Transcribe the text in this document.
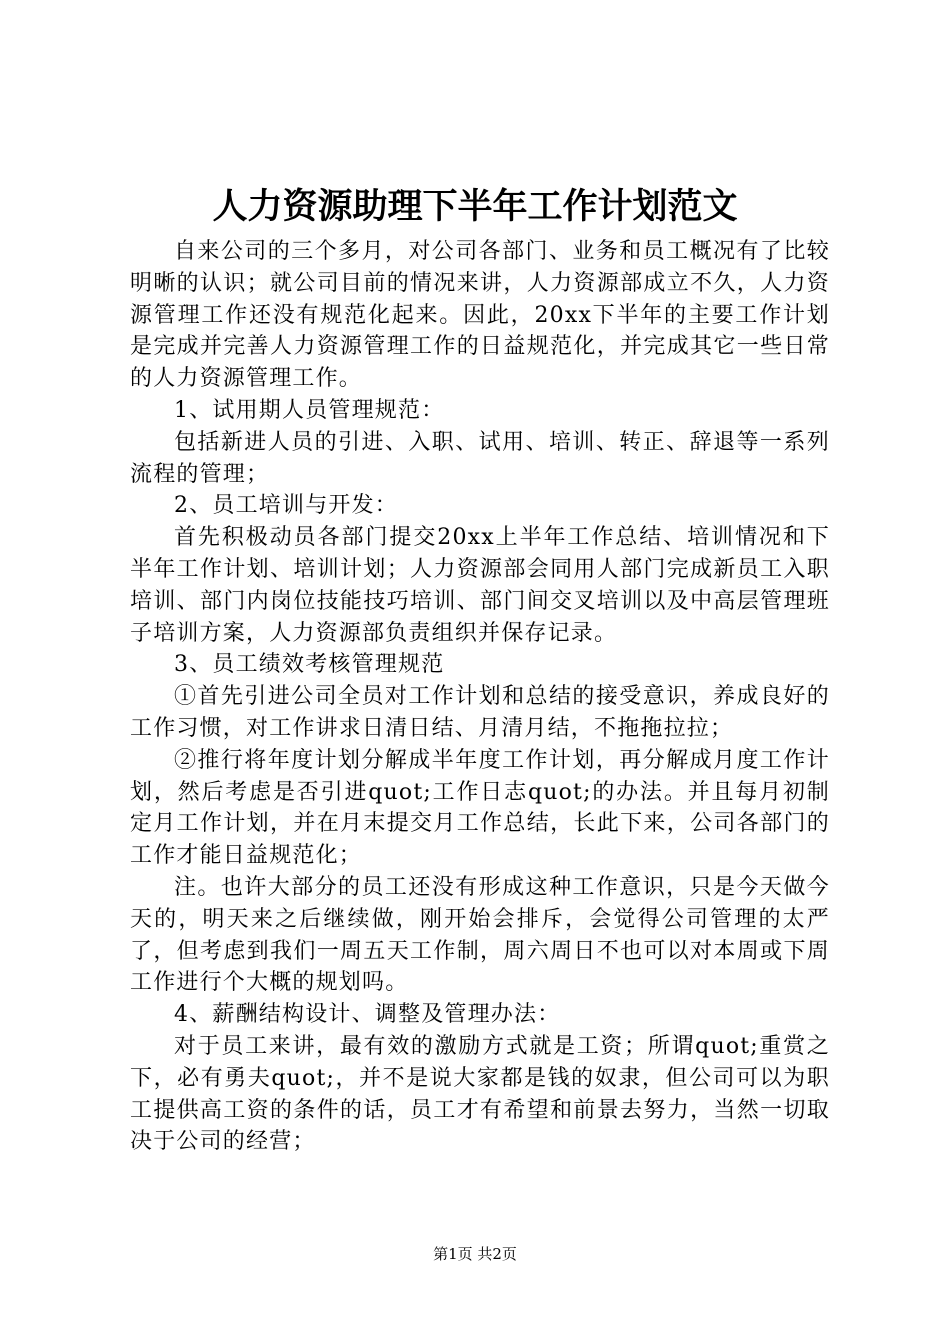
人力资源助理下半年工作计划范文

自来公司的三个多月，对公司各部门、业务和员工概况有了比较明晰的认识；就公司目前的情况来讲，人力资源部成立不久，人力资源管理工作还没有规范化起来。因此，20xx下半年的主要工作计划是完成并完善人力资源管理工作的日益规范化，并完成其它一些日常的人力资源管理工作。

1、试用期人员管理规范：

包括新进人员的引进、入职、试用、培训、转正、辞退等一系列流程的管理；

2、员工培训与开发：

首先积极动员各部门提交20xx上半年工作总结、培训情况和下半年工作计划、培训计划；人力资源部会同用人部门完成新员工入职培训、部门内岗位技能技巧培训、部门间交叉培训以及中高层管理班子培训方案，人力资源部负责组织并保存记录。

3、员工绩效考核管理规范

①首先引进公司全员对工作计划和总结的接受意识，养成良好的工作习惯，对工作讲求日清日结、月清月结，不拖拖拉拉；

②推行将年度计划分解成半年度工作计划，再分解成月度工作计划，然后考虑是否引进quot;工作日志quot;的办法。并且每月初制定月工作计划，并在月末提交月工作总结，长此下来，公司各部门的工作才能日益规范化；

注。也许大部分的员工还没有形成这种工作意识，只是今天做今天的，明天来之后继续做，刚开始会排斥，会觉得公司管理的太严了，但考虑到我们一周五天工作制，周六周日不也可以对本周或下周工作进行个大概的规划吗。

4、薪酬结构设计、调整及管理办法：

对于员工来讲，最有效的激励方式就是工资；所谓quot;重赏之下，必有勇夫quot;，并不是说大家都是钱的奴隶，但公司可以为职工提供高工资的条件的话，员工才有希望和前景去努力，当然一切取决于公司的经营；

第1页 共2页
